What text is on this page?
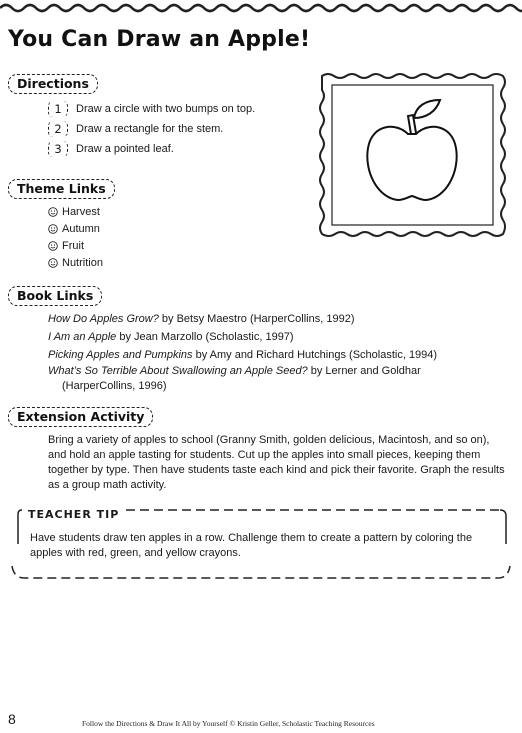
You Can Draw an Apple!
Directions
1	Draw a circle with two bumps on top.
2	Draw a rectangle for the stem.
3	Draw a pointed leaf.
Theme Links
Harvest
Autumn
Fruit
Nutrition
Book Links
How Do Apples Grow? by Betsy Maestro (HarperCollins, 1992)
I Am an Apple by Jean Marzollo (Scholastic, 1997)
Picking Apples and Pumpkins by Amy and Richard Hutchings (Scholastic, 1994)
What’s So Terrible About Swallowing an Apple Seed? by Lerner and Goldhar
(HarperCollins, 1996)
Extension Activity

Bring a variety of apples to school (Granny Smith, golden delicious, Macintosh, and so on), and hold an apple tasting for students. Cut up the apples into small pieces, keeping them together by type. Then have students taste each kind and pick their favorite. Graph the results as a group math activity.

TEACHER TIP

Have students draw ten apples in a row. Challenge them to create a pattern by coloring the apples with red, green, and yellow crayons.

8	Follow the Directions & Draw It All by Yourself © Kristin Geller, Scholastic Teaching Resources
